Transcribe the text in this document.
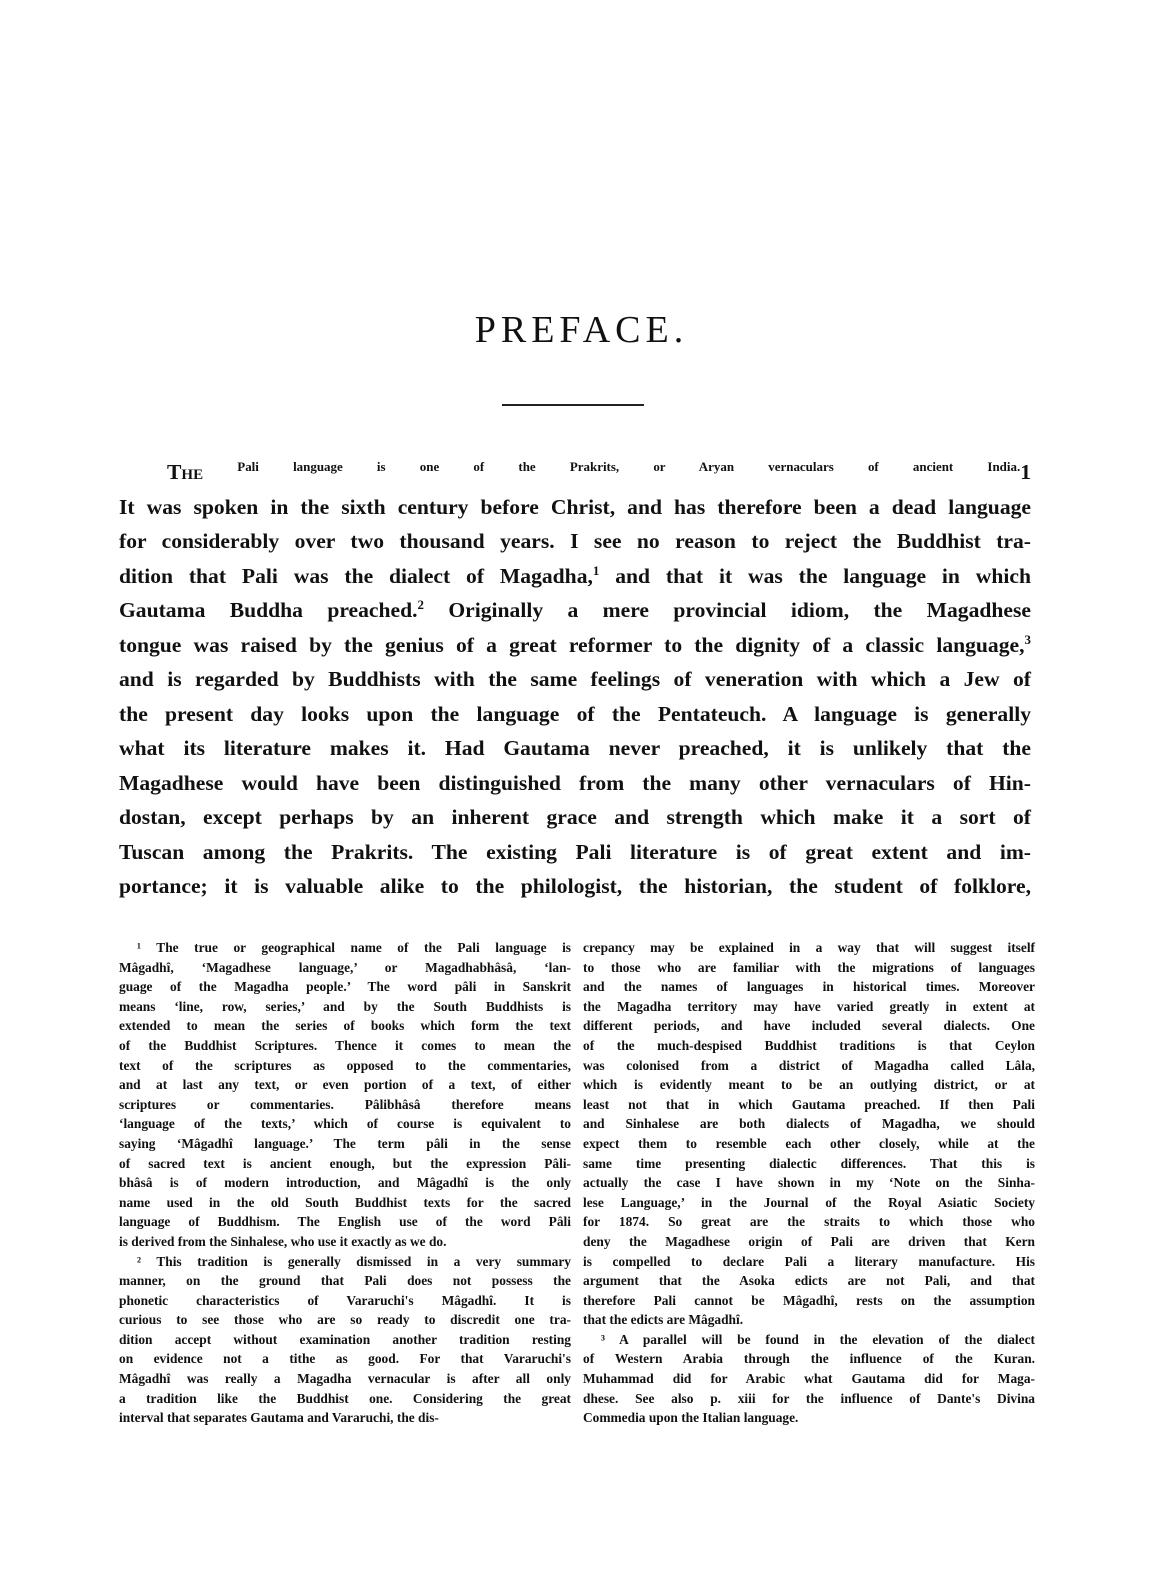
PREFACE.
The $^{Pali language is one of the Prakrits, or Aryan vernaculars of ancient India.}$1
It was spoken in the sixth century before Christ, and has therefore been a dead language
for considerably over two thousand years. I see no reason to reject the Buddhist tra-
dition that Pali was the dialect of Magadha,$^1$ and that it was the language in which
Gautama Buddha preached.$^2$ Originally a mere provincial idiom, the Magadhese
tongue was raised by the genius of a great reformer to the dignity of a classic language,$^3$
and is regarded by Buddhists with the same feelings of veneration with which a Jew of
the present day looks upon the language of the Pentateuch. A language is generally
what its literature makes it. Had Gautama never preached, it is unlikely that the
Magadhese would have been distinguished from the many other vernaculars of Hin-
dostan, except perhaps by an inherent grace and strength which make it a sort of
Tuscan among the Prakrits. The existing Pali literature is of great extent and im-
portance; it is valuable alike to the philologist, the historian, the student of folklore,
¹ The true or geographical name of the Pali language is
Mâgadhî, ‘Magadhese language,’ or Magadhabhâsâ, ‘lan-
guage of the Magadha people.’ The word pâli in Sanskrit
means ‘line, row, series,’ and by the South Buddhists is
extended to mean the series of books which form the text
of the Buddhist Scriptures. Thence it comes to mean the
text of the scriptures as opposed to the commentaries,
and at last any text, or even portion of a text, of either
scriptures or commentaries. Pâlibhâsâ therefore means
‘language of the texts,’ which of course is equivalent to
saying ‘Mâgadhî language.’ The term pâli in the sense
of sacred text is ancient enough, but the expression Pâli-
bhâsâ is of modern introduction, and Mâgadhî is the only
name used in the old South Buddhist texts for the sacred
language of Buddhism. The English use of the word Pâli
is derived from the Sinhalese, who use it exactly as we do.
² This tradition is generally dismissed in a very summary
manner, on the ground that Pali does not possess the
phonetic characteristics of Vararuchi's Mâgadhî. It is
curious to see those who are so ready to discredit one tra-
dition accept without examination another tradition resting
on evidence not a tithe as good. For that Vararuchi's
Mâgadhî was really a Magadha vernacular is after all only
a tradition like the Buddhist one. Considering the great
interval that separates Gautama and Vararuchi, the dis-
crepancy may be explained in a way that will suggest itself
to those who are familiar with the migrations of languages
and the names of languages in historical times. Moreover
the Magadha territory may have varied greatly in extent at
different periods, and have included several dialects. One
of the much-despised Buddhist traditions is that Ceylon
was colonised from a district of Magadha called Lâla,
which is evidently meant to be an outlying district, or at
least not that in which Gautama preached. If then Pali
and Sinhalese are both dialects of Magadha, we should
expect them to resemble each other closely, while at the
same time presenting dialectic differences. That this is
actually the case I have shown in my ‘Note on the Sinha-
lese Language,’ in the Journal of the Royal Asiatic Society
for 1874. So great are the straits to which those who
deny the Magadhese origin of Pali are driven that Kern
is compelled to declare Pali a literary manufacture. His
argument that the Asoka edicts are not Pali, and that
therefore Pali cannot be Mâgadhî, rests on the assumption
that the edicts are Mâgadhî.
³ A parallel will be found in the elevation of the dialect
of Western Arabia through the influence of the Kuran.
Muhammad did for Arabic what Gautama did for Maga-
dhese. See also p. xiii for the influence of Dante's Divina
Commedia upon the Italian language.
